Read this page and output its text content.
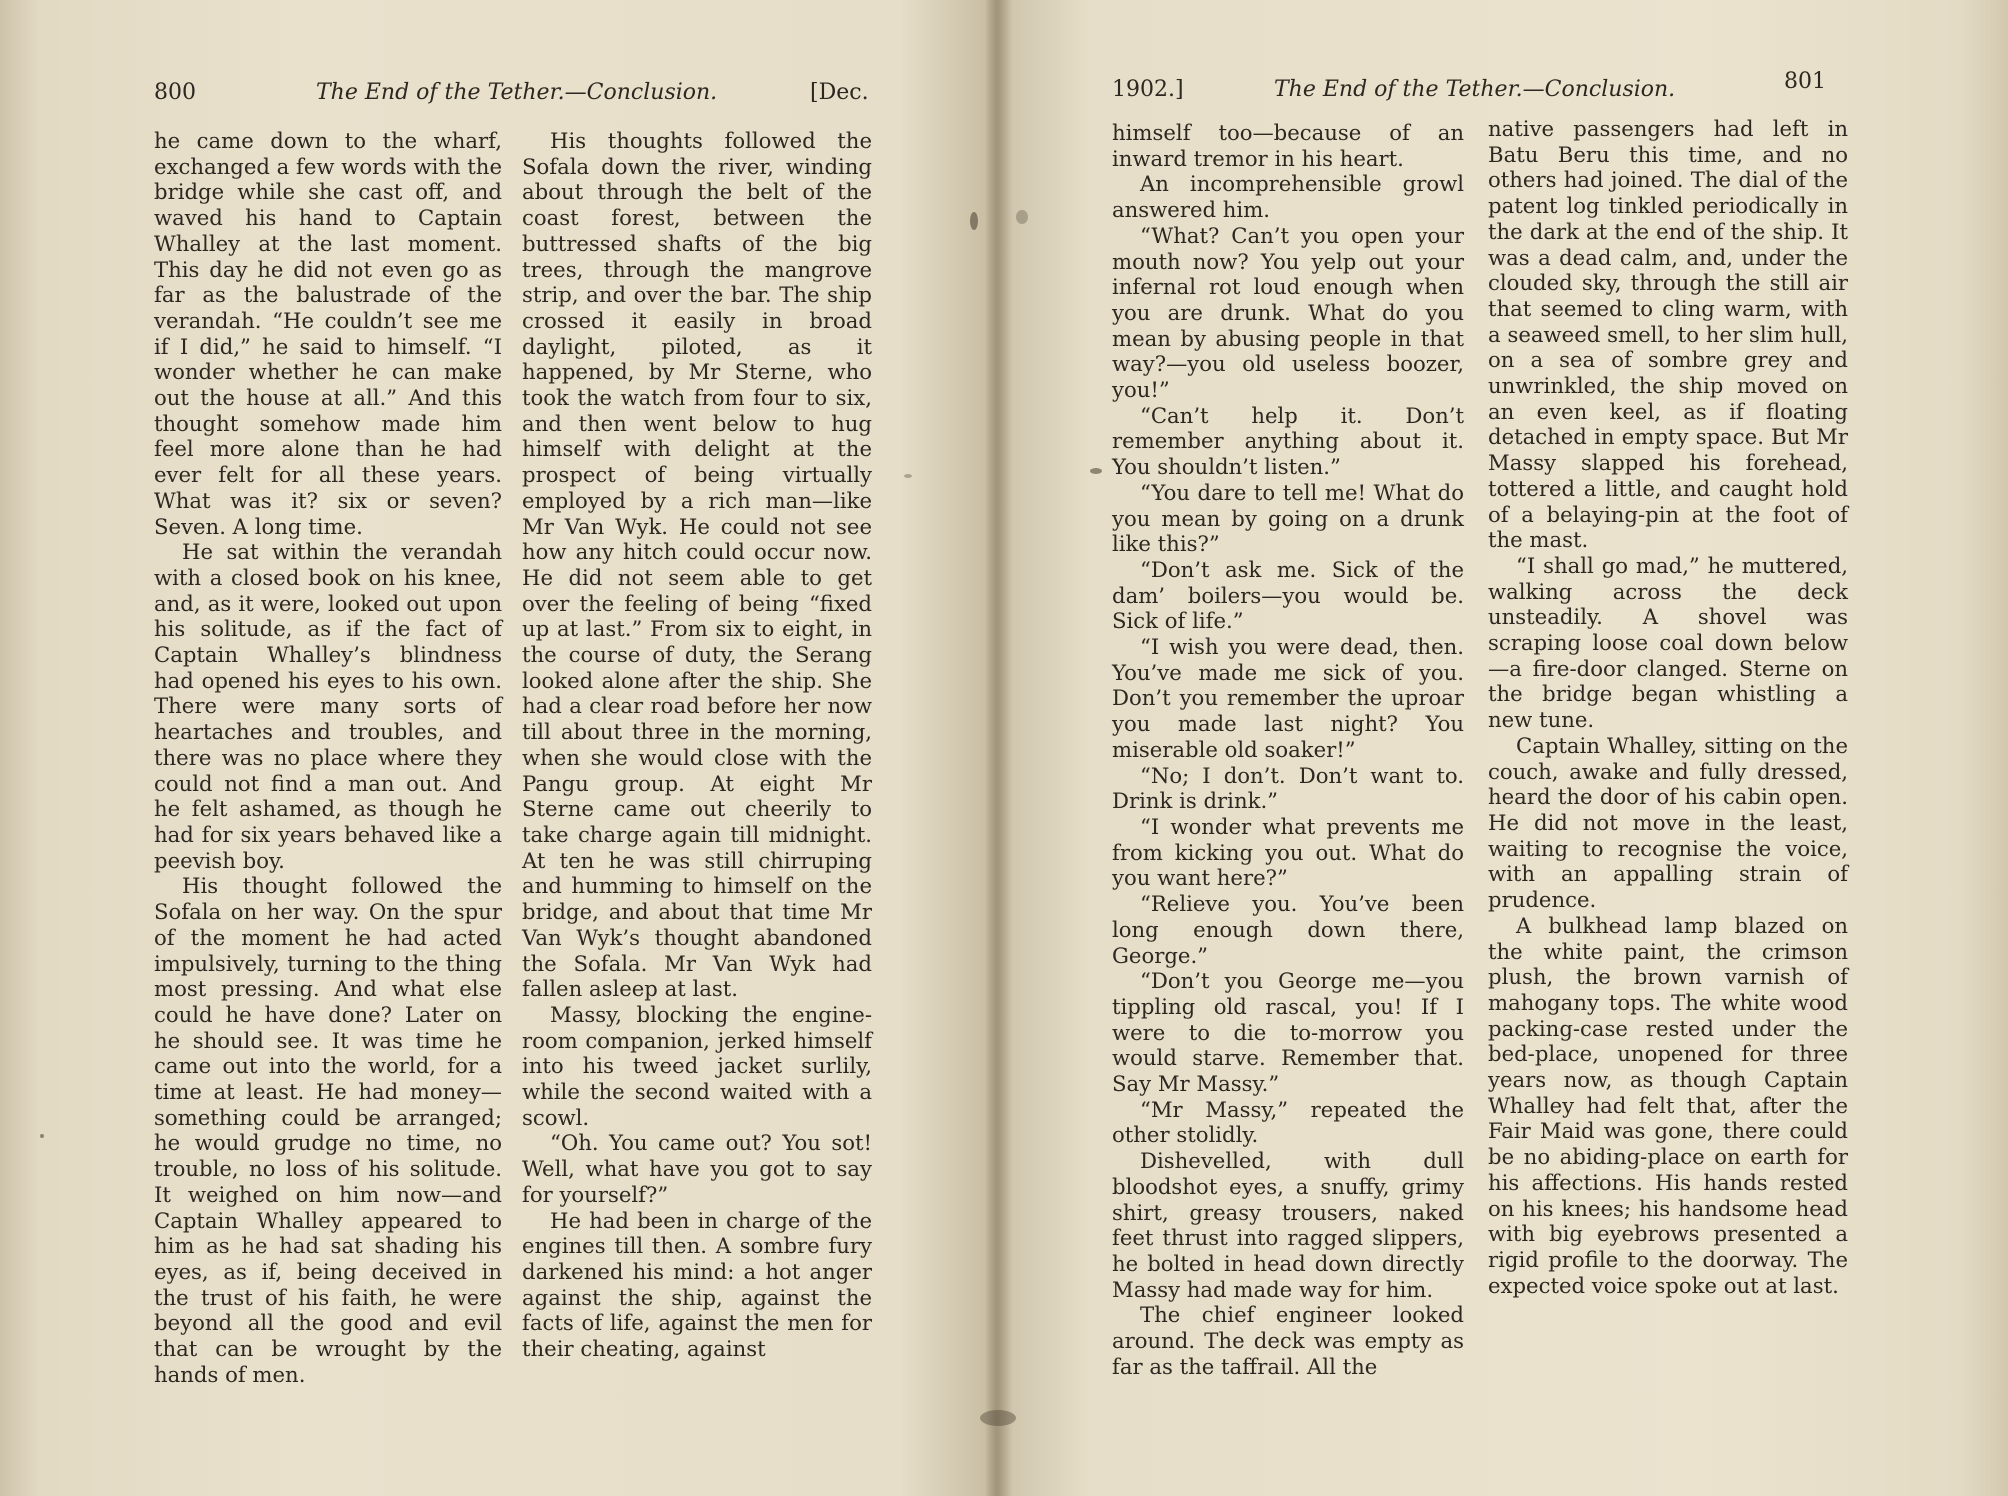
800	The End of the Tether.—Conclusion.	[Dec.	1902.]	The End of the Tether.—Conclusion.	801

he came down to the wharf, exchanged a few words with the bridge while she cast off, and waved his hand to Captain Whalley at the last moment. This day he did not even go as far as the balustrade of the verandah. “He couldn’t see me if I did,” he said to himself. “I wonder whether he can make out the house at all.” And this thought somehow made him feel more alone than he had ever felt for all these years. What was it? six or seven? Seven. A long time.

He sat within the verandah with a closed book on his knee, and, as it were, looked out upon his solitude, as if the fact of Captain Whalley’s blindness had opened his eyes to his own. There were many sorts of heartaches and troubles, and there was no place where they could not find a man out. And he felt ashamed, as though he had for six years behaved like a peevish boy.

His thought followed the Sofala on her way. On the spur of the moment he had acted impulsively, turning to the thing most pressing. And what else could he have done? Later on he should see. It was time he came out into the world, for a time at least. He had money—something could be arranged; he would grudge no time, no trouble, no loss of his solitude. It weighed on him now—and Captain Whalley appeared to him as he had sat shading his eyes, as if, being deceived in the trust of his faith, he were beyond all the good and evil that can be wrought by the hands of men.

His thoughts followed the Sofala down the river, winding about through the belt of the coast forest, between the buttressed shafts of the big trees, through the mangrove strip, and over the bar. The ship crossed it easily in broad daylight, piloted, as it happened, by Mr Sterne, who took the watch from four to six, and then went below to hug himself with delight at the prospect of being virtually employed by a rich man—like Mr Van Wyk. He could not see how any hitch could occur now. He did not seem able to get over the feeling of being “fixed up at last.” From six to eight, in the course of duty, the Serang looked alone after the ship. She had a clear road before her now till about three in the morning, when she would close with the Pangu group. At eight Mr Sterne came out cheerily to take charge again till midnight. At ten he was still chirruping and humming to himself on the bridge, and about that time Mr Van Wyk’s thought abandoned the Sofala. Mr Van Wyk had fallen asleep at last.

Massy, blocking the engine-room companion, jerked himself into his tweed jacket surlily, while the second waited with a scowl.

“Oh. You came out? You sot! Well, what have you got to say for yourself?”

He had been in charge of the engines till then. A sombre fury darkened his mind: a hot anger against the ship, against the facts of life, against the men for their cheating, against

himself too—because of an inward tremor in his heart.

An incomprehensible growl answered him.

“What? Can’t you open your mouth now? You yelp out your infernal rot loud enough when you are drunk. What do you mean by abusing people in that way?—you old useless boozer, you!”

“Can’t help it. Don’t remember anything about it. You shouldn’t listen.”

“You dare to tell me! What do you mean by going on a drunk like this?”

“Don’t ask me. Sick of the dam’ boilers—you would be. Sick of life.”

“I wish you were dead, then. You’ve made me sick of you. Don’t you remember the uproar you made last night? You miserable old soaker!”

“No; I don’t. Don’t want to. Drink is drink.”

“I wonder what prevents me from kicking you out. What do you want here?”

“Relieve you. You’ve been long enough down there, George.”

“Don’t you George me—you tippling old rascal, you! If I were to die to-morrow you would starve. Remember that. Say Mr Massy.”

“Mr Massy,” repeated the other stolidly.

Dishevelled, with dull bloodshot eyes, a snuffy, grimy shirt, greasy trousers, naked feet thrust into ragged slippers, he bolted in head down directly Massy had made way for him.

The chief engineer looked around. The deck was empty as far as the taffrail. All the

native passengers had left in Batu Beru this time, and no others had joined. The dial of the patent log tinkled periodically in the dark at the end of the ship. It was a dead calm, and, under the clouded sky, through the still air that seemed to cling warm, with a seaweed smell, to her slim hull, on a sea of sombre grey and unwrinkled, the ship moved on an even keel, as if floating detached in empty space. But Mr Massy slapped his forehead, tottered a little, and caught hold of a belaying-pin at the foot of the mast.

“I shall go mad,” he muttered, walking across the deck unsteadily. A shovel was scraping loose coal down below—a fire-door clanged. Sterne on the bridge began whistling a new tune.

Captain Whalley, sitting on the couch, awake and fully dressed, heard the door of his cabin open. He did not move in the least, waiting to recognise the voice, with an appalling strain of prudence.

A bulkhead lamp blazed on the white paint, the crimson plush, the brown varnish of mahogany tops. The white wood packing-case rested under the bed-place, unopened for three years now, as though Captain Whalley had felt that, after the Fair Maid was gone, there could be no abiding-place on earth for his affections. His hands rested on his knees; his handsome head with big eyebrows presented a rigid profile to the doorway. The expected voice spoke out at last.
